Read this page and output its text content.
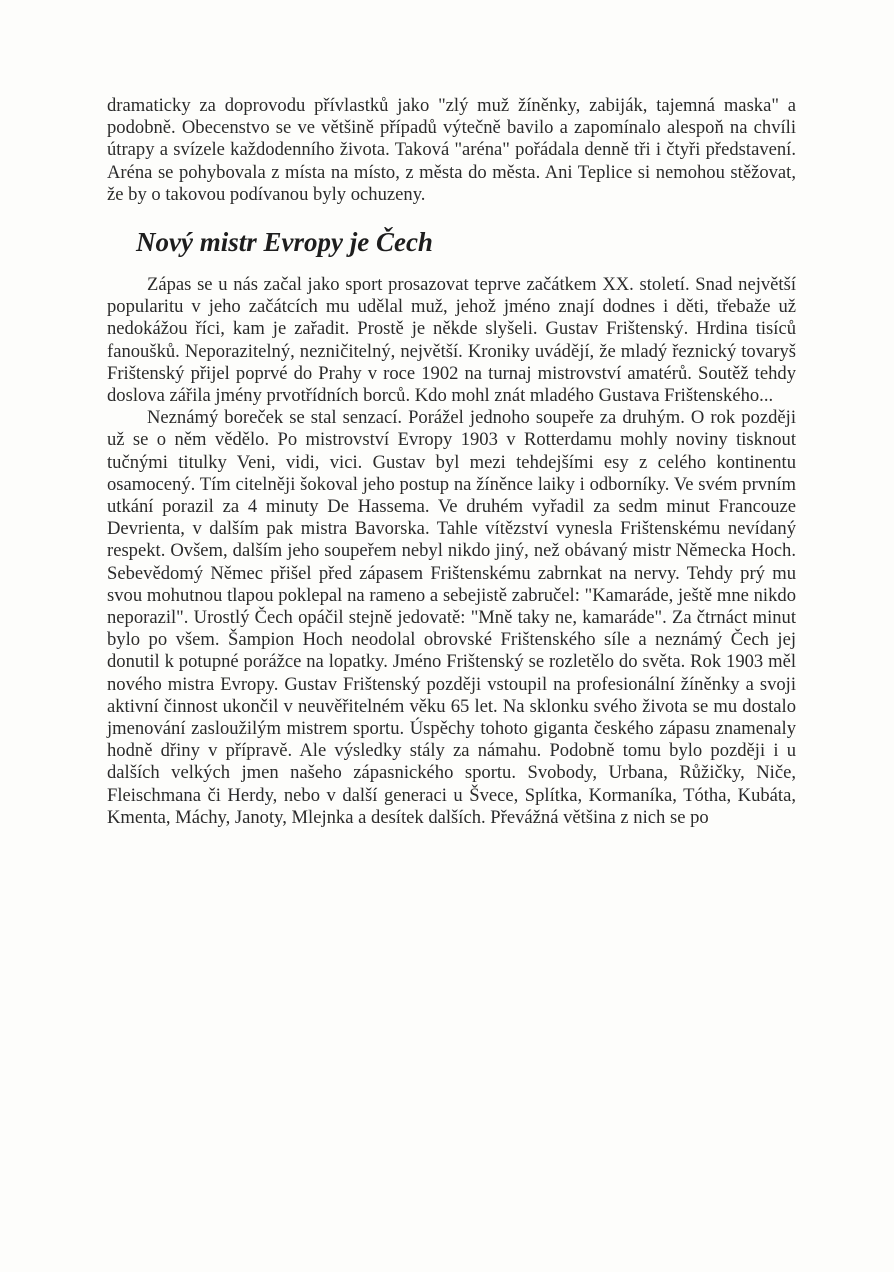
dramaticky za doprovodu přívlastků jako "zlý muž žíněnky, zabiják, tajemná maska" a podobně. Obecenstvo se ve většině případů výtečně bavilo a zapomínalo alespoň na chvíli útrapy a svízele každodenního života. Taková "aréna" pořádala denně tři i čtyři představení. Aréna se pohybovala z místa na místo, z města do města. Ani Teplice si nemohou stěžovat, že by o takovou podívanou byly ochuzeny.

Nový mistr Evropy je Čech

Zápas se u nás začal jako sport prosazovat teprve začátkem XX. století. Snad největší popularitu v jeho začátcích mu udělal muž, jehož jméno znají dodnes i děti, třebaže už nedokážou říci, kam je zařadit. Prostě je někde slyšeli. Gustav Frištenský. Hrdina tisíců fanoušků. Neporazitelný, nezničitelný, největší. Kroniky uvádějí, že mladý řeznický tovaryš Frištenský přijel poprvé do Prahy v roce 1902 na turnaj mistrovství amatérů. Soutěž tehdy doslova zářila jmény prvotřídních borců. Kdo mohl znát mladého Gustava Frištenského...

Neznámý boreček se stal senzací. Porážel jednoho soupeře za druhým. O rok později už se o něm vědělo. Po mistrovství Evropy 1903 v Rotterdamu mohly noviny tisknout tučnými titulky Veni, vidi, vici. Gustav byl mezi tehdejšími esy z celého kontinentu osamocený. Tím citelněji šokoval jeho postup na žíněnce laiky i odborníky. Ve svém prvním utkání porazil za 4 minuty De Hassema. Ve druhém vyřadil za sedm minut Francouze Devrienta, v dalším pak mistra Bavorska. Tahle vítězství vynesla Frištenskému nevídaný respekt. Ovšem, dalším jeho soupeřem nebyl nikdo jiný, než obávaný mistr Německa Hoch. Sebevědomý Němec přišel před zápasem Frištenskému zabrnkat na nervy. Tehdy prý mu svou mohutnou tlapou poklepal na rameno a sebejistě zabručel: "Kamaráde, ještě mne nikdo neporazil". Urostlý Čech opáčil stejně jedovatě: "Mně taky ne, kamaráde". Za čtrnáct minut bylo po všem. Šampion Hoch neodolal obrovské Frištenského síle a neznámý Čech jej donutil k potupné porážce na lopatky. Jméno Frištenský se rozletělo do světa. Rok 1903 měl nového mistra Evropy. Gustav Frištenský později vstoupil na profesionální žíněnky a svoji aktivní činnost ukončil v neuvěřitelném věku 65 let. Na sklonku svého života se mu dostalo jmenování zasloužilým mistrem sportu. Úspěchy tohoto giganta českého zápasu znamenaly hodně dřiny v přípravě. Ale výsledky stály za námahu. Podobně tomu bylo později i u dalších velkých jmen našeho zápasnického sportu. Svobody, Urbana, Růžičky, Niče, Fleischmana či Herdy, nebo v další generaci u Švece, Splítka, Kormaníka, Tótha, Kubáta, Kmenta, Máchy, Janoty, Mlejnka a desítek dalších. Převážná většina z nich se po
